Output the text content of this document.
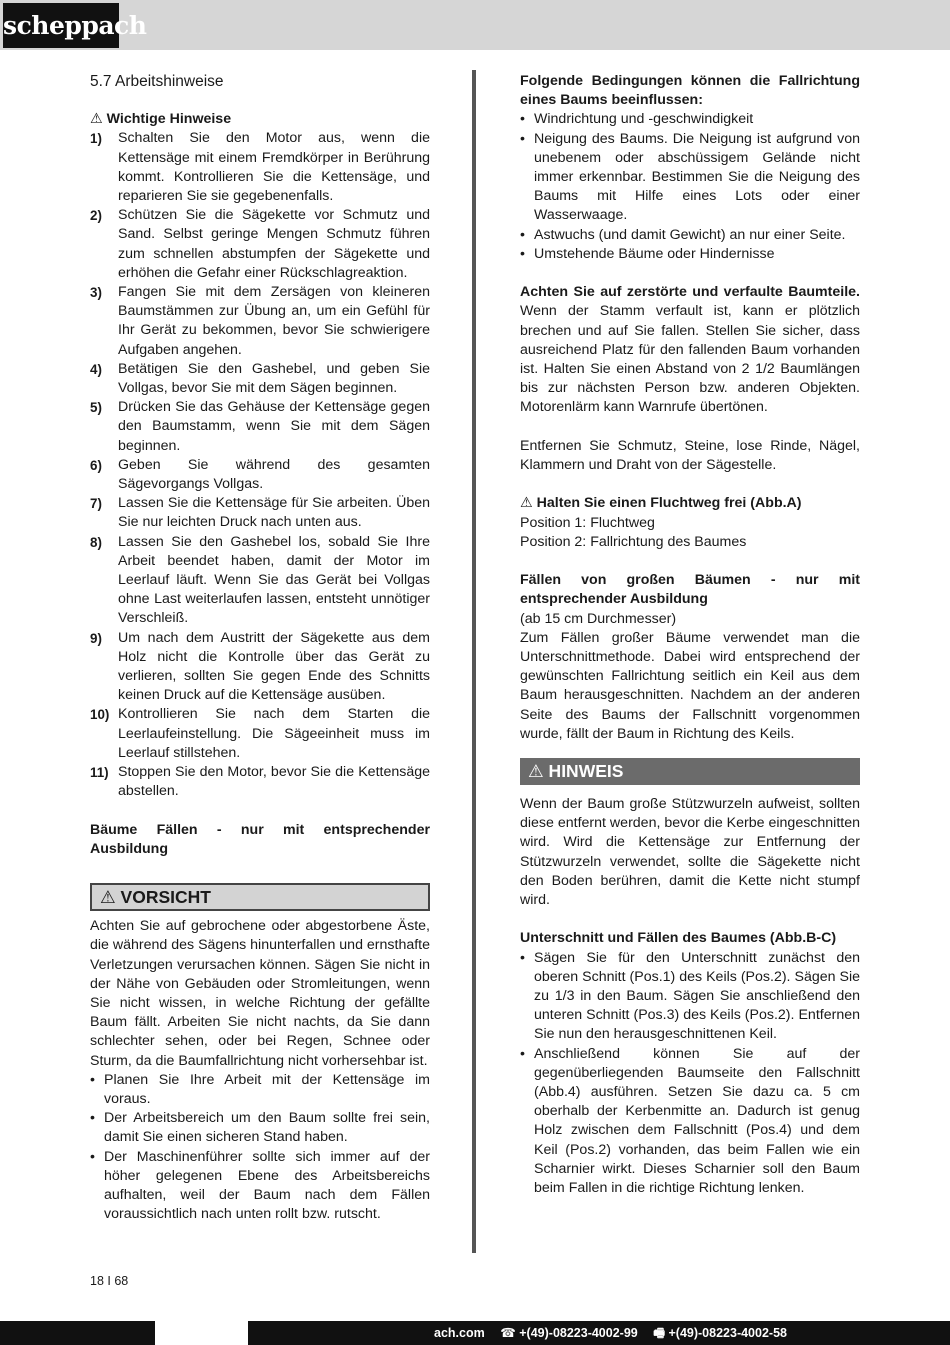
scheppach
5.7 Arbeitshinweise

⚠ Wichtige Hinweise

1)	Schalten Sie den Motor aus, wenn die Kettensäge mit einem Fremdkörper in Berührung kommt. Kontrollieren Sie die Kettensäge, und reparieren Sie sie gegebenenfalls.
2)	Schützen Sie die Sägekette vor Schmutz und Sand. Selbst geringe Mengen Schmutz führen zum schnellen abstumpfen der Sägekette und erhöhen die Gefahr einer Rückschlagreaktion.
3)	Fangen Sie mit dem Zersägen von kleineren Baumstämmen zur Übung an, um ein Gefühl für Ihr Gerät zu bekommen, bevor Sie schwierigere Aufgaben angehen.
4)	Betätigen Sie den Gashebel, und geben Sie Vollgas, bevor Sie mit dem Sägen beginnen.
5)	Drücken Sie das Gehäuse der Kettensäge gegen den Baumstamm, wenn Sie mit dem Sägen beginnen.
6)	Geben Sie während des gesamten Sägevorgangs Vollgas.
7)	Lassen Sie die Kettensäge für Sie arbeiten. Üben Sie nur leichten Druck nach unten aus.
8)	Lassen Sie den Gashebel los, sobald Sie Ihre Arbeit beendet haben, damit der Motor im Leerlauf läuft. Wenn Sie das Gerät bei Vollgas ohne Last weiterlaufen lassen, entsteht unnötiger Verschleiß.
9)	Um nach dem Austritt der Sägekette aus dem Holz nicht die Kontrolle über das Gerät zu verlieren, sollten Sie gegen Ende des Schnitts keinen Druck auf die Kettensäge ausüben.
10) Kontrollieren Sie nach dem Starten die Leerlaufeinstellung. Die Sägeeinheit muss im Leerlauf stillstehen.
11) Stoppen Sie den Motor, bevor Sie die Kettensäge abstellen.

Bäume Fällen - nur mit entsprechender Ausbildung

⚠ VORSICHT

Achten Sie auf gebrochene oder abgestorbene Äste, die während des Sägens hinunterfallen und ernsthafte Verletzungen verursachen können. Sägen Sie nicht in der Nähe von Gebäuden oder Stromleitungen, wenn Sie nicht wissen, in welche Richtung der gefällte Baum fällt. Arbeiten Sie nicht nachts, da Sie dann schlechter sehen, oder bei Regen, Schnee oder Sturm, da die Baumfallrichtung nicht vorhersehbar ist.

• Planen Sie Ihre Arbeit mit der Kettensäge im voraus.
• Der Arbeitsbereich um den Baum sollte frei sein, damit Sie einen sicheren Stand haben.
• Der Maschinenführer sollte sich immer auf der höher gelegenen Ebene des Arbeitsbereichs aufhalten, weil der Baum nach dem Fällen voraussichtlich nach unten rollt bzw. rutscht.

Folgende Bedingungen können die Fallrichtung eines Baums beeinflussen:

• Windrichtung und -geschwindigkeit
• Neigung des Baums. Die Neigung ist aufgrund von unebenem oder abschüssigem Gelände nicht immer erkennbar. Bestimmen Sie die Neigung des Baums mit Hilfe eines Lots oder einer Wasserwaage.
• Astwuchs (und damit Gewicht) an nur einer Seite.
• Umstehende Bäume oder Hindernisse

Achten Sie auf zerstörte und verfaulte Baumteile. Wenn der Stamm verfault ist, kann er plötzlich brechen und auf Sie fallen. Stellen Sie sicher, dass ausreichend Platz für den fallenden Baum vorhanden ist. Halten Sie einen Abstand von 2 1/2 Baumlängen bis zur nächsten Person bzw. anderen Objekten. Motorenlärm kann Warnrufe übertönen.

Entfernen Sie Schmutz, Steine, lose Rinde, Nägel, Klammern und Draht von der Sägestelle.

⚠ Halten Sie einen Fluchtweg frei (Abb.A)

Position 1: Fluchtweg

Position 2: Fallrichtung des Baumes

Fällen von großen Bäumen - nur mit entsprechender Ausbildung

(ab 15 cm Durchmesser)

Zum Fällen großer Bäume verwendet man die Unterschnittmethode. Dabei wird entsprechend der gewünschten Fallrichtung seitlich ein Keil aus dem Baum herausgeschnitten. Nachdem an der anderen Seite des Baums der Fallschnitt vorgenommen wurde, fällt der Baum in Richtung des Keils.

⚠ HINWEIS

Wenn der Baum große Stützwurzeln aufweist, sollten diese entfernt werden, bevor die Kerbe eingeschnitten wird. Wird die Kettensäge zur Entfernung der Stützwurzeln verwendet, sollte die Sägekette nicht den Boden berühren, damit die Kette nicht stumpf wird.

Unterschnitt und Fällen des Baumes (Abb.B-C)

• Sägen Sie für den Unterschnitt zunächst den oberen Schnitt (Pos.1) des Keils (Pos.2). Sägen Sie zu 1/3 in den Baum. Sägen Sie anschließend den unteren Schnitt (Pos.3) des Keils (Pos.2). Entfernen Sie nun den herausgeschnittenen Keil.
• Anschließend können Sie auf der gegenüberliegenden Baumseite den Fallschnitt (Abb.4) ausführen. Setzen Sie dazu ca. 5 cm oberhalb der Kerbenmitte an. Dadurch ist genug Holz zwischen dem Fallschnitt (Pos.4) und dem Keil (Pos.2) vorhanden, das beim Fallen wie ein Scharnier wirkt. Dieses Scharnier soll den Baum beim Fallen in die richtige Richtung lenken.
18 I 68
ach.com ☎ +(49)-08223-4002-99 🖷 +(49)-08223-4002-58
